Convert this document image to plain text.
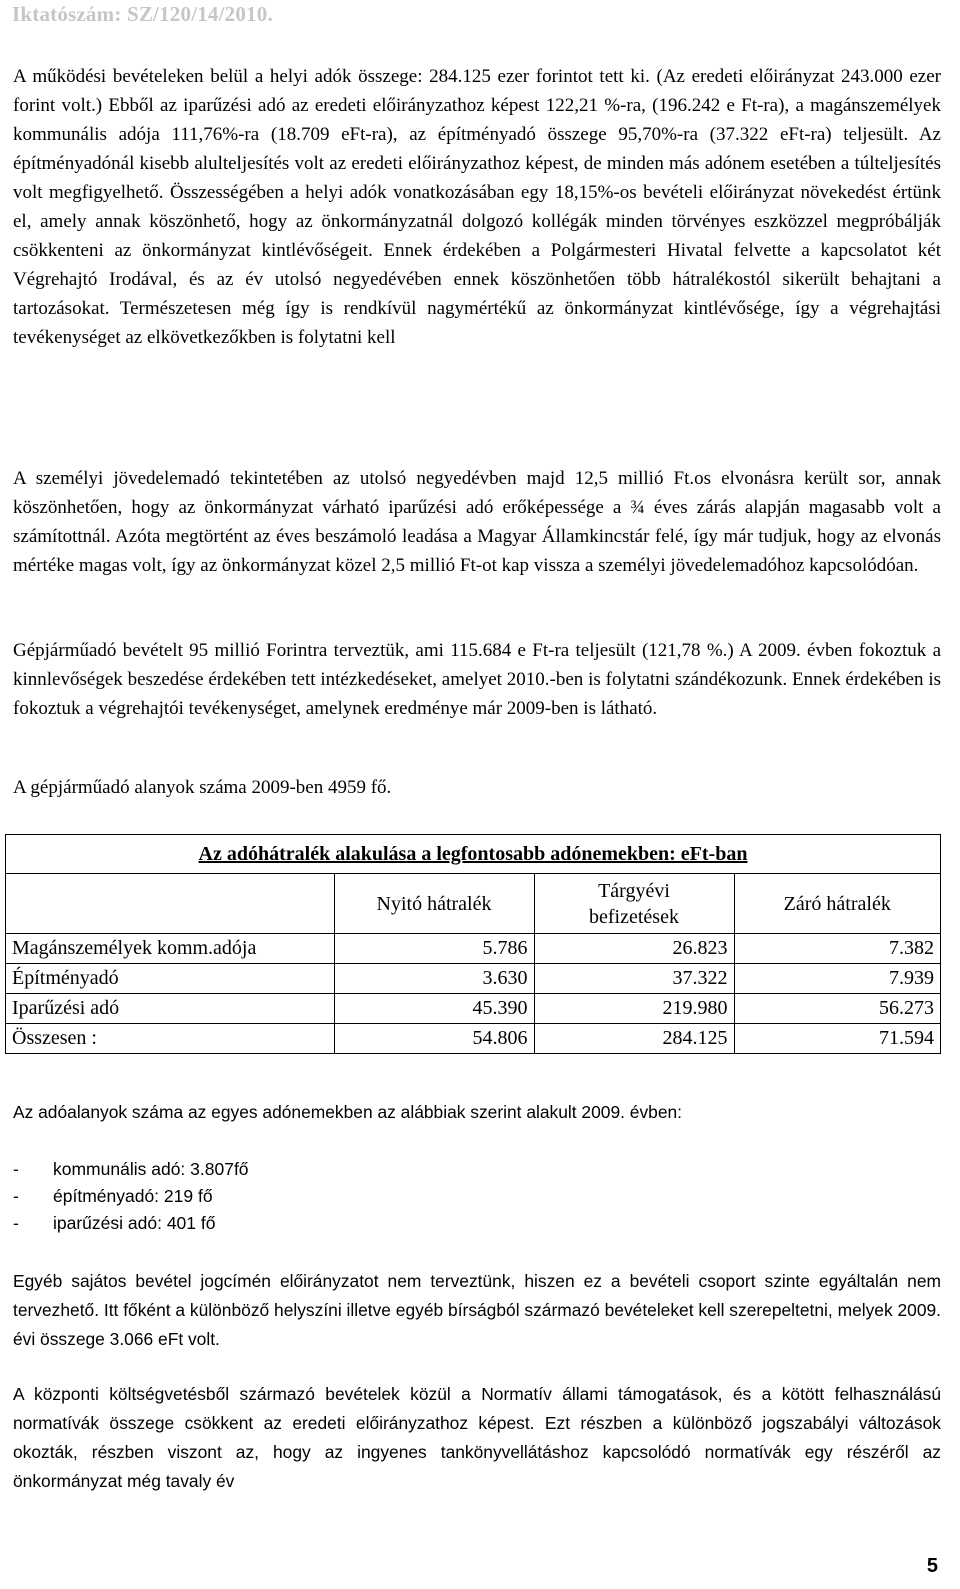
Iktatószám: SZ/120/14/2010.

A működési bevételeken belül a helyi adók összege: 284.125 ezer forintot tett ki. (Az eredeti előirányzat 243.000 ezer forint volt.) Ebből az iparűzési adó az eredeti előirányzathoz képest 122,21 %-ra, (196.242 e Ft-ra), a magánszemélyek kommunális adója 111,76%-ra (18.709 eFt-ra), az építményadó összege 95,70%-ra (37.322 eFt-ra) teljesült. Az építményadónál kisebb alulteljesítés volt az eredeti előirányzathoz képest, de minden más adónem esetében a túlteljesítés volt megfigyelhető. Összességében a helyi adók vonatkozásában egy 18,15%-os bevételi előirányzat növekedést értünk el, amely annak köszönhető, hogy az önkormányzatnál dolgozó kollégák minden törvényes eszközzel megpróbálják csökkenteni az önkormányzat kintlévőségeit. Ennek érdekében a Polgármesteri Hivatal felvette a kapcsolatot két Végrehajtó Irodával, és az év utolsó negyedévében ennek köszönhetően több hátralékostól sikerült behajtani a tartozásokat. Természetesen még így is rendkívül nagymértékű az önkormányzat kintlévősége, így a végrehajtási tevékenységet az elkövetkezőkben is folytatni kell

A személyi jövedelemadó tekintetében az utolsó negyedévben majd 12,5 millió Ft.os elvonásra került sor, annak köszönhetően, hogy az önkormányzat várható iparűzési adó erőképessége a ¾ éves zárás alapján magasabb volt a számítottnál. Azóta megtörtént az éves beszámoló leadása a Magyar Államkincstár felé, így már tudjuk, hogy az elvonás mértéke magas volt, így az önkormányzat közel 2,5 millió Ft-ot kap vissza a személyi jövedelemadóhoz kapcsolódóan.

Gépjárműadó bevételt 95 millió Forintra terveztük, ami 115.684 e Ft-ra teljesült (121,78 %.) A 2009. évben fokoztuk a kinnlevőségek beszedése érdekében tett intézkedéseket, amelyet 2010.-ben is folytatni szándékozunk. Ennek érdekében is fokoztuk a végrehajtói tevékenységet, amelynek eredménye már 2009-ben is látható.

A gépjárműadó alanyok száma 2009-ben 4959 fő.

Az adóhátralék alakulása a legfontosabb adónemekben: eFt-ban
	Nyitó hátralék	Tárgyévi befizetések	Záró hátralék
Magánszemélyek komm.adója	5.786	26.823	7.382
Építményadó	3.630	37.322	7.939
Iparűzési adó	45.390	219.980	56.273
Összesen :	54.806	284.125	71.594

Az adóalanyok száma az egyes adónemekben az alábbiak szerint alakult 2009. évben:

-	kommunális adó: 3.807fő
-	építményadó: 219 fő
-	iparűzési adó: 401 fő

Egyéb sajátos bevétel jogcímén előirányzatot nem terveztünk, hiszen ez a bevételi csoport szinte egyáltalán nem tervezhető. Itt főként a különböző helyszíni illetve egyéb bírságból származó bevételeket kell szerepeltetni, melyek 2009. évi összege 3.066 eFt volt.

A központi költségvetésből származó bevételek közül a Normatív állami támogatások, és a kötött felhasználású normatívák összege csökkent az eredeti előirányzathoz képest. Ezt részben a különböző jogszabályi változások okozták, részben viszont az, hogy az ingyenes tankönyvellátáshoz kapcsolódó normatívák egy részéről az önkormányzat még tavaly év

5
